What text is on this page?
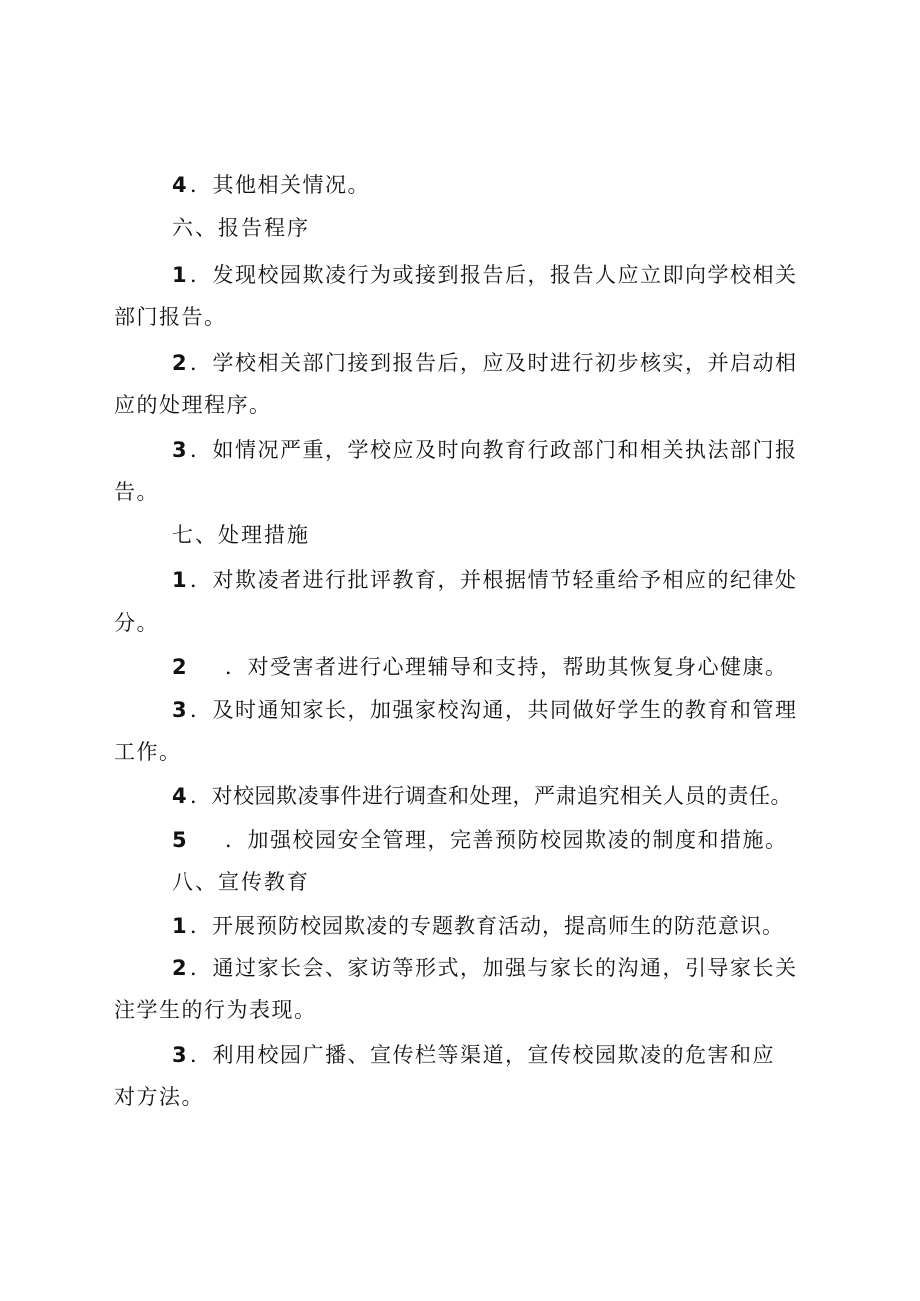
4 ．其他相关情况。
六、报告程序
1 ．发现校园欺凌行为或接到报告后，报告人应立即向学校相关
部门报告。
2 ．学校相关部门接到报告后，应及时进行初步核实，并启动相
应的处理程序。
3 ．如情况严重，学校应及时向教育行政部门和相关执法部门报
告。
七、处理措施
1 ．对欺凌者进行批评教育，并根据情节轻重给予相应的纪律处
分。
2 ．对受害者进行心理辅导和支持，帮助其恢复身心健康。
3 ．及时通知家长，加强家校沟通，共同做好学生的教育和管理
工作。
4 ．对校园欺凌事件进行调查和处理，严肃追究相关人员的责任。
5 ．加强校园安全管理，完善预防校园欺凌的制度和措施。
八、宣传教育
1 ．开展预防校园欺凌的专题教育活动，提高师生的防范意识。
2 ．通过家长会、家访等形式，加强与家长的沟通，引导家长关
注学生的行为表现。
3 ．利用校园广播、宣传栏等渠道，宣传校园欺凌的危害和应
对方法。
